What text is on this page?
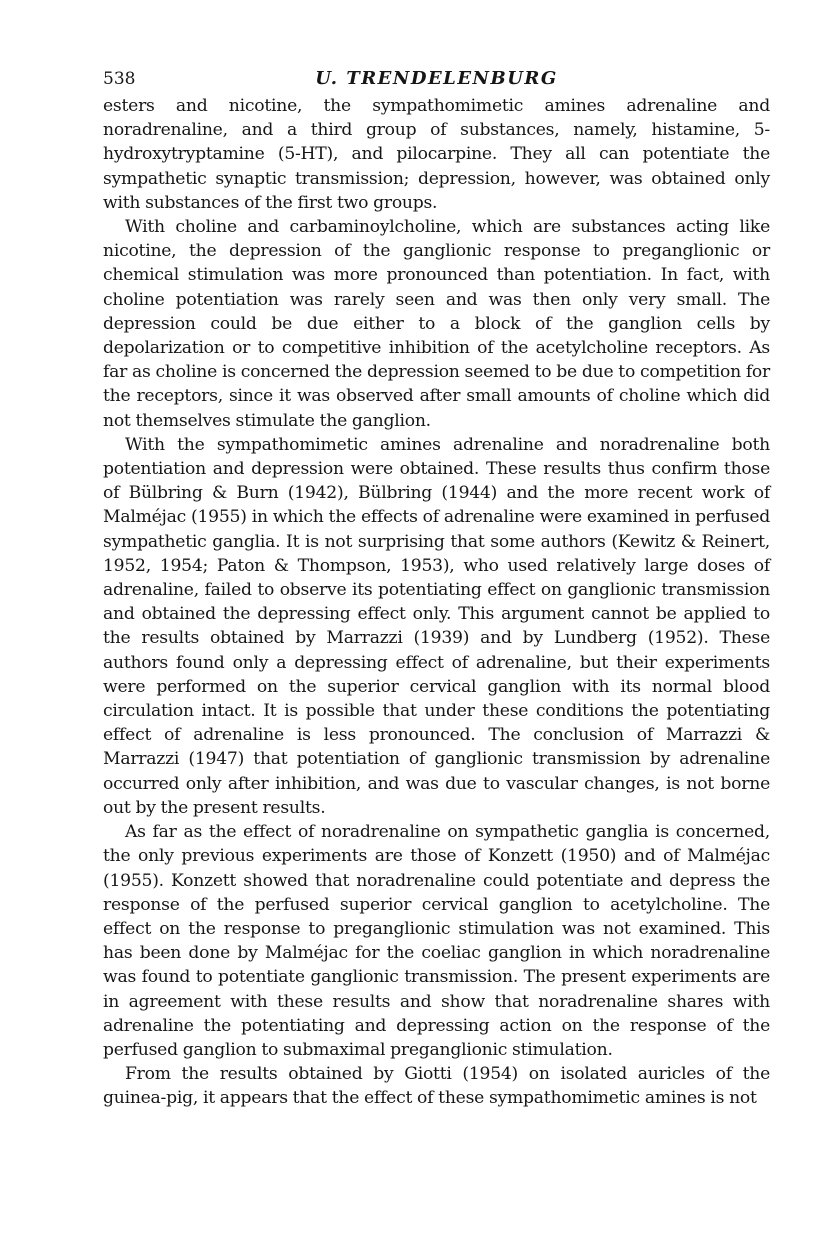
538	U. TRENDELENBURG

esters and nicotine, the sympathomimetic amines adrenaline and noradrenaline, and a third group of substances, namely, histamine, 5-hydroxytryptamine (5-HT), and pilocarpine. They all can potentiate the sympathetic synaptic transmission; depression, however, was obtained only with substances of the first two groups.

With choline and carbaminoylcholine, which are substances acting like nicotine, the depression of the ganglionic response to preganglionic or chemical stimulation was more pronounced than potentiation. In fact, with choline potentiation was rarely seen and was then only very small. The depression could be due either to a block of the ganglion cells by depolarization or to competitive inhibition of the acetylcholine receptors. As far as choline is concerned the depression seemed to be due to competition for the receptors, since it was observed after small amounts of choline which did not themselves stimulate the ganglion.

With the sympathomimetic amines adrenaline and noradrenaline both potentiation and depression were obtained. These results thus confirm those of Bülbring & Burn (1942), Bülbring (1944) and the more recent work of Malméjac (1955) in which the effects of adrenaline were examined in perfused sympathetic ganglia. It is not surprising that some authors (Kewitz & Reinert, 1952, 1954; Paton & Thompson, 1953), who used relatively large doses of adrenaline, failed to observe its potentiating effect on ganglionic transmission and obtained the depressing effect only. This argument cannot be applied to the results obtained by Marrazzi (1939) and by Lundberg (1952). These authors found only a depressing effect of adrenaline, but their experiments were performed on the superior cervical ganglion with its normal blood circulation intact. It is possible that under these conditions the potentiating effect of adrenaline is less pronounced. The conclusion of Marrazzi & Marrazzi (1947) that potentiation of ganglionic transmission by adrenaline occurred only after inhibition, and was due to vascular changes, is not borne out by the present results.

As far as the effect of noradrenaline on sympathetic ganglia is concerned, the only previous experiments are those of Konzett (1950) and of Malméjac (1955). Konzett showed that noradrenaline could potentiate and depress the response of the perfused superior cervical ganglion to acetylcholine. The effect on the response to preganglionic stimulation was not examined. This has been done by Malméjac for the coeliac ganglion in which noradrenaline was found to potentiate ganglionic transmission. The present experiments are in agreement with these results and show that noradrenaline shares with adrenaline the potentiating and depressing action on the response of the perfused ganglion to submaximal preganglionic stimulation.

From the results obtained by Giotti (1954) on isolated auricles of the guinea-pig, it appears that the effect of these sympathomimetic amines is not
